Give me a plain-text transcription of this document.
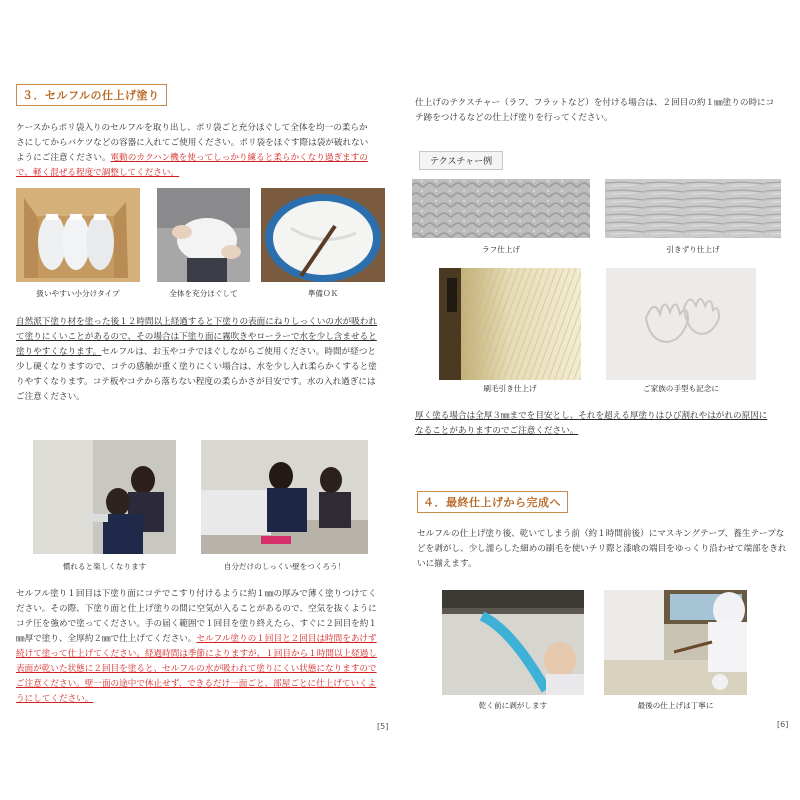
３．セルフルの仕上げ塗り

ケースからポリ袋入りのセルフルを取り出し、ポリ袋ごと充分ほぐして全体を均一の柔らかさにしてからバケツなどの容器に入れてご使用ください。ポリ袋をほぐす際は袋が破れないようにご注意ください。電動のカクハン機を使ってしっかり練ると柔らかくなり過ぎますので、軽く混ぜる程度で調整してください。

扱いやすい小分けタイプ	全体を充分ほぐして	準備ＯＫ

自然派下塗り材を塗った後１２時間以上経過すると下塗りの表面にねりしっくいの水が吸われて塗りにくいことがあるので、その場合は下塗り面に霧吹きやローラーで水を少し含ませると塗りやすくなります。セルフルは、お玉やコテでほぐしながらご使用ください。時間が経つと少し硬くなりますので、コテの感触が重く塗りにくい場合は、水を少し入れ柔らかくすると塗りやすくなります。コテ板やコテから落ちない程度の柔らかさが目安です。水の入れ過ぎにはご注意ください。

慣れると楽しくなります	自分だけのしっくい壁をつくろう！

セルフル塗り１回目は下塗り面にコテでこすり付けるように約１㎜の厚みで薄く塗りつけてください。その際、下塗り面と仕上げ塗りの間に空気が入ることがあるので、空気を抜くようにコテ圧を強めで塗ってください。手の届く範囲で１回目を塗り終えたら、すぐに２回目を約１㎜厚で塗り、全厚約２㎜で仕上げてください。セルフル塗りの１回目と２回目は時間をあけず続けて塗って仕上げてください。経過時間は季節によりますが、１回目から１時間以上経過し表面が乾いた状態に２回目を塗ると、セルフルの水が吸われて塗りにくい状態になりますのでご注意ください。壁一面の途中で休止せず、できるだけ一面ごと、部屋ごとに仕上げていくようにしてください。

[5]

仕上げのテクスチャー（ラフ、フラットなど）を付ける場合は、２回目の約１㎜塗りの時にコテ跡をつけるなどの仕上げ塗りを行ってください。

テクスチャー例
ラフ仕上げ	引きずり仕上げ
刷毛引き仕上げ	ご家族の手型も記念に

厚く塗る場合は全厚３㎜までを目安とし、それを超える厚塗りはひび割れやはがれの原因になることがありますのでご注意ください。

４．最終仕上げから完成へ

セルフルの仕上げ塗り後、乾いてしまう前（約１時間前後）にマスキングテープ、養生テープなどを剥がし、少し濡らした細めの刷毛を使いチリ際と漆喰の端目をゆっくり沿わせて端部をきれいに揃えます。

乾く前に剥がします	最後の仕上げは丁寧に
[6]
